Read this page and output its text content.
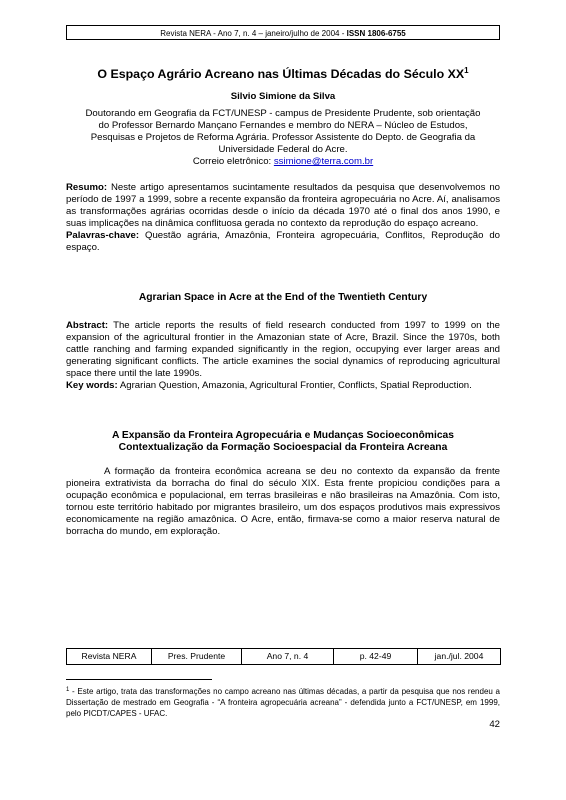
Revista NERA - Ano 7, n. 4 – janeiro/julho de 2004 - ISSN 1806-6755
O Espaço Agrário Acreano nas Últimas Décadas do Século $XX^1$
Silvio Simione da Silva
Doutorando em Geografia da FCT/UNESP - campus de Presidente Prudente, sob orientação
do Professor Bernardo Mançano Fernandes e membro do NERA – Núcleo de Estudos,
Pesquisas e Projetos de Reforma Agrária. Professor Assistente do Depto. de Geografia da
Universidade Federal do Acre.
Correio eletrônico: ssimione@terra.com.br
Resumo: Neste artigo apresentamos sucintamente resultados da pesquisa que desenvolvemos no período de 1997 a 1999, sobre a recente expansão da fronteira agropecuária no Acre. Aí, analisamos as transformações agrárias ocorridas desde o início da década 1970 até o final dos anos 1990, e suas implicações na dinâmica conflituosa gerada no contexto da reprodução do espaço acreano.
Palavras-chave: Questão agrária, Amazônia, Fronteira agropecuária, Conflitos, Reprodução do espaço.
Agrarian Space in Acre at the End of the Twentieth Century
Abstract: The article reports the results of field research conducted from 1997 to 1999 on the expansion of the agricultural frontier in the Amazonian state of Acre, Brazil. Since the 1970s, both cattle ranching and farming expanded significantly in the region, occupying ever larger areas and generating significant conflicts. The article examines the social dynamics of reproducing agricultural space there until the late 1990s.
Key words: Agrarian Question, Amazonia, Agricultural Frontier, Conflicts, Spatial Reproduction.
A Expansão da Fronteira Agropecuária e Mudanças Socioeconômicas
Contextualização da Formação Socioespacial da Fronteira Acreana
A formação da fronteira econômica acreana se deu no contexto da expansão da frente pioneira extrativista da borracha do final do século XIX. Esta frente propiciou condições para a ocupação econômica e populacional, em terras brasileiras e não brasileiras na Amazônia. Com isto, tornou este território habitado por migrantes brasileiro, um dos espaços produtivos mais expressivos economicamente na região amazônica. O Acre, então, firmava-se como a maior reserva natural de borracha do mundo, em exploração.
Revista NERA	Pres. Prudente	Ano 7, n. 4	p. 42-49	jan./jul. 2004
$^1$ - Este artigo, trata das transformações no campo acreano nas últimas décadas, a partir da pesquisa que nos rendeu a Dissertação de mestrado em Geografia - “A fronteira agropecuária acreana” - defendida junto a FCT/UNESP, em 1999, pelo PICDT/CAPES - UFAC.
42
